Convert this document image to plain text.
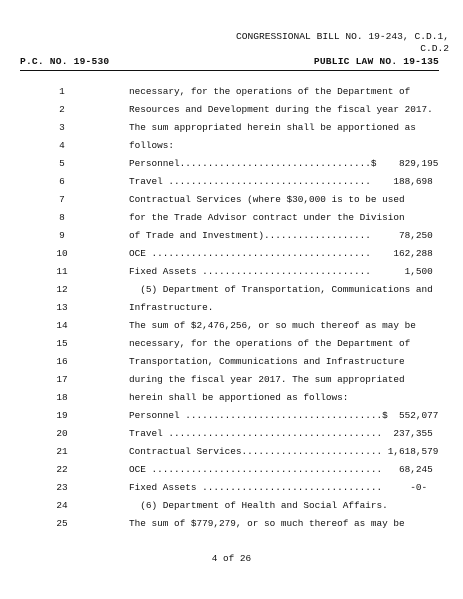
CONGRESSIONAL BILL NO. 19-243, C.D.1,
C.D.2
P.C. NO. 19-530	PUBLIC LAW NO. 19-135
1	necessary, for the operations of the Department of
2	Resources and Development during the fiscal year 2017.
3	The sum appropriated herein shall be apportioned as
4	follows:
5	Personnel..................................$    829,195
6	Travel ....................................    188,698
7	Contractual Services (where $30,000 is to be used
8	for the Trade Advisor contract under the Division
9	of Trade and Investment)...................     78,250
10	OCE .......................................    162,288
11	Fixed Assets ..............................      1,500
12	(5) Department of Transportation, Communications and
13	Infrastructure.
14	The sum of $2,476,256, or so much thereof as may be
15	necessary, for the operations of the Department of
16	Transportation, Communications and Infrastructure
17	during the fiscal year 2017. The sum appropriated
18	herein shall be apportioned as follows:
19	Personnel ...................................$  552,077
20	Travel ......................................  237,355
21	Contractual Services......................... 1,618,579
22	OCE .........................................   68,245
23	Fixed Assets ................................     -0-
24	(6) Department of Health and Social Affairs.
25	The sum of $779,279, or so much thereof as may be
4 of 26
